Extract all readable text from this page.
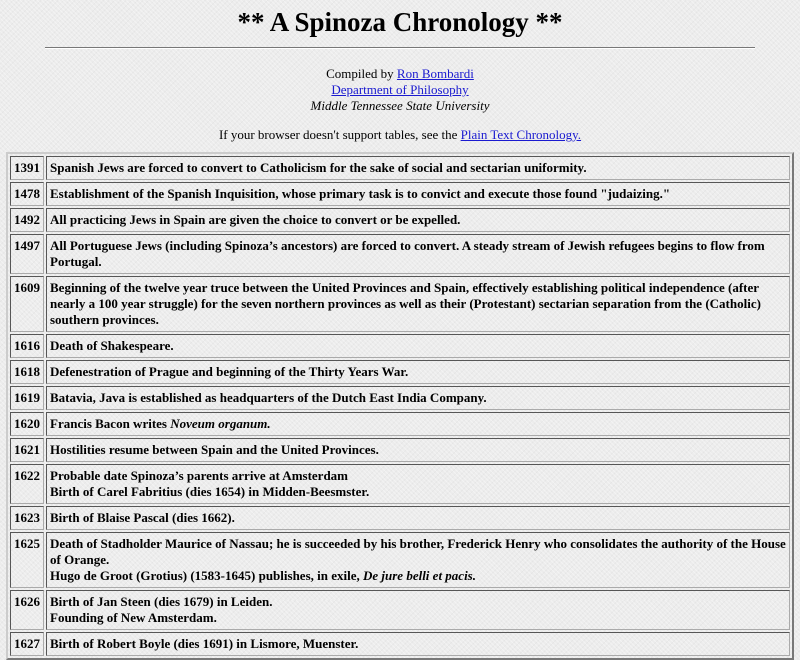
** A Spinoza Chronology **
Compiled by Ron Bombardi
Department of Philosophy
Middle Tennessee State University
If your browser doesn't support tables, see the Plain Text Chronology.
1391	Spanish Jews are forced to convert to Catholicism for the sake of social and sectarian uniformity.
1478	Establishment of the Spanish Inquisition, whose primary task is to convict and execute those found "judaizing."
1492	All practicing Jews in Spain are given the choice to convert or be expelled.
1497	All Portuguese Jews (including Spinoza’s ancestors) are forced to convert. A steady stream of Jewish refugees begins to flow from Portugal.
1609	Beginning of the twelve year truce between the United Provinces and Spain, effectively establishing political independence (after nearly a 100 year struggle) for the seven northern provinces as well as their (Protestant) sectarian separation from the (Catholic) southern provinces.
1616	Death of Shakespeare.
1618	Defenestration of Prague and beginning of the Thirty Years War.
1619	Batavia, Java is established as headquarters of the Dutch East India Company.
1620	Francis Bacon writes Noveum organum.
1621	Hostilities resume between Spain and the United Provinces.
1622	Probable date Spinoza’s parents arrive at Amsterdam
Birth of Carel Fabritius (dies 1654) in Midden-Beesmster.
1623	Birth of Blaise Pascal (dies 1662).
1625	Death of Stadholder Maurice of Nassau; he is succeeded by his brother, Frederick Henry who consolidates the authority of the House of Orange.
Hugo de Groot (Grotius) (1583-1645) publishes, in exile, De jure belli et pacis.
1626	Birth of Jan Steen (dies 1679) in Leiden.
Founding of New Amsterdam.
1627	Birth of Robert Boyle (dies 1691) in Lismore, Muenster.
